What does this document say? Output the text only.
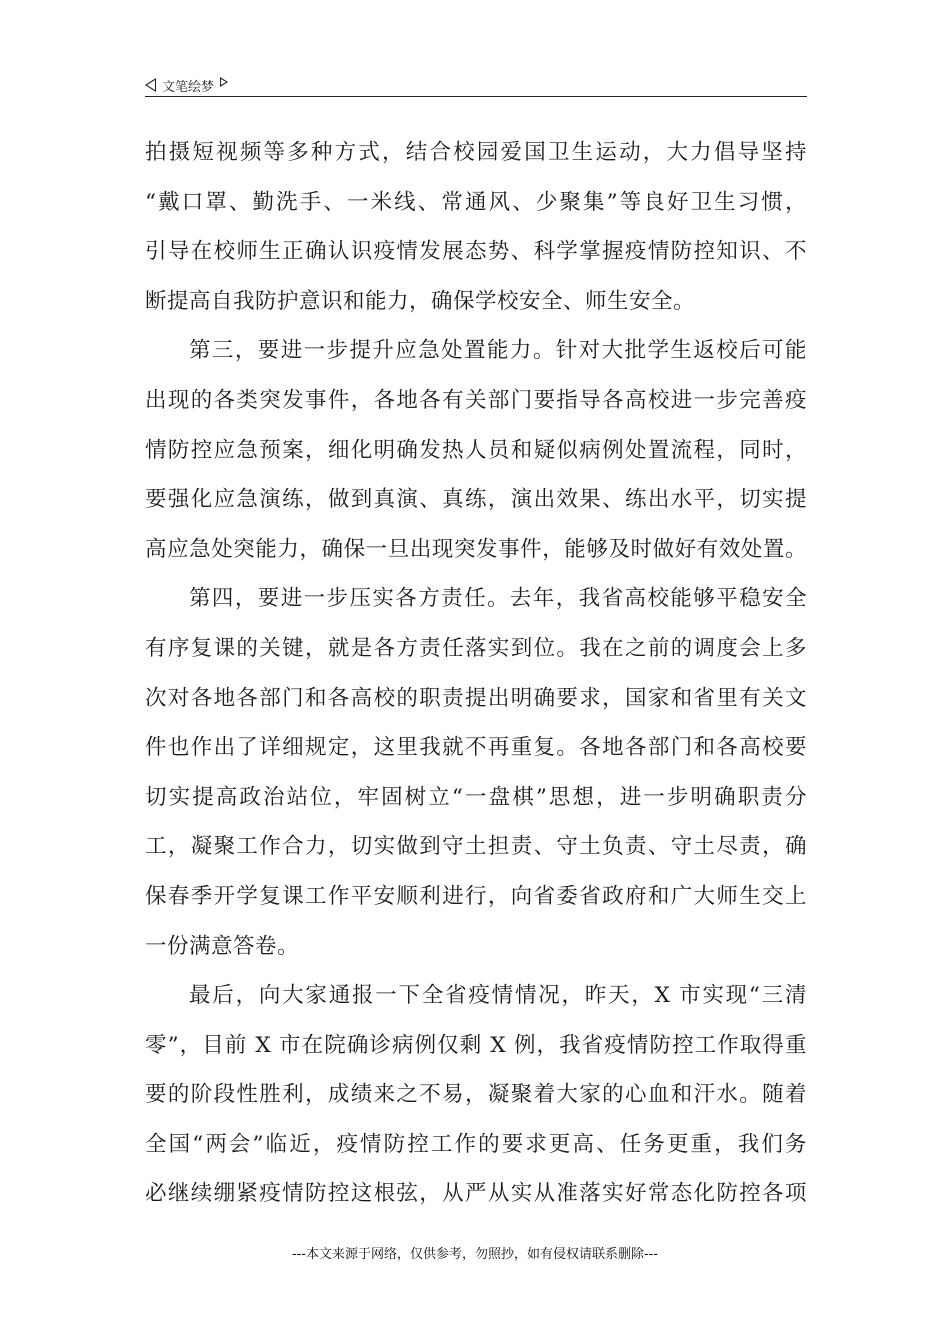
文笔绘梦
拍摄短视频等多种方式，结合校园爱国卫生运动，大力倡导坚持
“戴口罩、勤洗手、一米线、常通风、少聚集”等良好卫生习惯，
引导在校师生正确认识疫情发展态势、科学掌握疫情防控知识、不
断提高自我防护意识和能力，确保学校安全、师生安全。
第三，要进一步提升应急处置能力。针对大批学生返校后可能
出现的各类突发事件，各地各有关部门要指导各高校进一步完善疫
情防控应急预案，细化明确发热人员和疑似病例处置流程，同时，
要强化应急演练，做到真演、真练，演出效果、练出水平，切实提
高应急处突能力，确保一旦出现突发事件，能够及时做好有效处置。
第四，要进一步压实各方责任。去年，我省高校能够平稳安全
有序复课的关键，就是各方责任落实到位。我在之前的调度会上多
次对各地各部门和各高校的职责提出明确要求，国家和省里有关文
件也作出了详细规定，这里我就不再重复。各地各部门和各高校要
切实提高政治站位，牢固树立“一盘棋”思想，进一步明确职责分
工，凝聚工作合力，切实做到守土担责、守土负责、守土尽责，确
保春季开学复课工作平安顺利进行，向省委省政府和广大师生交上
一份满意答卷。
最后，向大家通报一下全省疫情情况，昨天，X 市实现“三清
零”，目前 X 市在院确诊病例仅剩 X 例，我省疫情防控工作取得重
要的阶段性胜利，成绩来之不易，凝聚着大家的心血和汗水。随着
全国“两会”临近，疫情防控工作的要求更高、任务更重，我们务
必继续绷紧疫情防控这根弦，从严从实从准落实好常态化防控各项
---本文来源于网络，仅供参考，勿照抄，如有侵权请联系删除---
